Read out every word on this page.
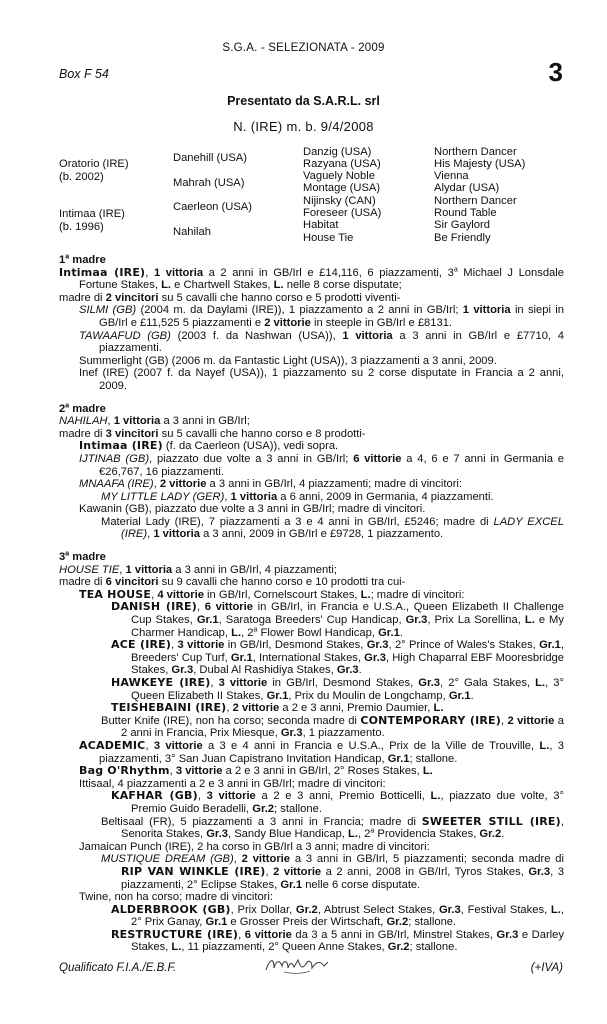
S.G.A. - SELEZIONATA - 2009
Box F 54	3
Presentato da S.A.R.L. srl
N. (IRE) m. b. 9/4/2008
Oratorio (IRE)
(b. 2002)
Intimaa (IRE)
(b. 1996)
Danehill (USA)
Mahrah (USA)
Caerleon (USA)
Nahilah
Danzig (USA)
Razyana (USA)
Vaguely Noble
Montage (USA)
Nijinsky (CAN)
Foreseer (USA)
Habitat
House Tie
Northern Dancer
His Majesty (USA)
Vienna
Alydar (USA)
Northern Dancer
Round Table
Sir Gaylord
Be Friendly

1$^a$ madre

Intimaa (IRE), 1 vittoria a 2 anni in GB/Irl e £14,116, 6 piazzamenti, 3$^a$ Michael J Lonsdale Fortune Stakes, L. e Chartwell Stakes, L. nelle 8 corse disputate;

madre di 2 vincitori su 5 cavalli che hanno corso e 5 prodotti viventi-

SILMI (GB) (2004 m. da Daylami (IRE)), 1 piazzamento a 2 anni in GB/Irl; 1 vittoria in siepi in GB/Irl e £11,525 5 piazzamenti e 2 vittorie in steeple in GB/Irl e £8131.

TAWAAFUD (GB) (2003 f. da Nashwan (USA)), 1 vittoria a 3 anni in GB/Irl e £7710, 4 piazzamenti.

Summerlight (GB) (2006 m. da Fantastic Light (USA)), 3 piazzamenti a 3 anni, 2009.

Inef (IRE) (2007 f. da Nayef (USA)), 1 piazzamento su 2 corse disputate in Francia a 2 anni, 2009.

2$^a$ madre

NAHILAH, 1 vittoria a 3 anni in GB/Irl;

madre di 3 vincitori su 5 cavalli che hanno corso e 8 prodotti-

Intimaa (IRE) (f. da Caerleon (USA)), vedi sopra.

IJTINAB (GB), piazzato due volte a 3 anni in GB/Irl; 6 vittorie a 4, 6 e 7 anni in Germania e €26,767, 16 piazzamenti.

MNAAFA (IRE), 2 vittorie a 3 anni in GB/Irl, 4 piazzamenti; madre di vincitori:

MY LITTLE LADY (GER), 1 vittoria a 6 anni, 2009 in Germania, 4 piazzamenti.

Kawanin (GB), piazzato due volte a 3 anni in GB/Irl; madre di vincitori.

Material Lady (IRE), 7 piazzamenti a 3 e 4 anni in GB/Irl, £5246; madre di LADY EXCEL (IRE), 1 vittoria a 3 anni, 2009 in GB/Irl e £9728, 1 piazzamento.

3$^a$ madre

HOUSE TIE, 1 vittoria a 3 anni in GB/Irl, 4 piazzamenti;

madre di 6 vincitori su 9 cavalli che hanno corso e 10 prodotti tra cui-

TEA HOUSE, 4 vittorie in GB/Irl, Cornelscourt Stakes, L.; madre di vincitori:

DANISH (IRE), 6 vittorie in GB/Irl, in Francia e U.S.A., Queen Elizabeth II Challenge Cup Stakes, Gr.1, Saratoga Breeders' Cup Handicap, Gr.3, Prix La Sorellina, L. e My Charmer Handicap, L., 2$^a$ Flower Bowl Handicap, Gr.1.

ACE (IRE), 3 vittorie in GB/Irl, Desmond Stakes, Gr.3, 2° Prince of Wales's Stakes, Gr.1, Breeders' Cup Turf, Gr.1, International Stakes, Gr.3, High Chaparral EBF Mooresbridge Stakes, Gr.3, Dubal Al Rashidiya Stakes, Gr.3.

HAWKEYE (IRE), 3 vittorie in GB/Irl, Desmond Stakes, Gr.3, 2° Gala Stakes, L., 3° Queen Elizabeth II Stakes, Gr.1, Prix du Moulin de Longchamp, Gr.1.

TEISHEBAINI (IRE), 2 vittorie a 2 e 3 anni, Premio Daumier, L.

Butter Knife (IRE), non ha corso; seconda madre di CONTEMPORARY (IRE), 2 vittorie a 2 anni in Francia, Prix Miesque, Gr.3, 1 piazzamento.

ACADEMIC, 3 vittorie a 3 e 4 anni in Francia e U.S.A., Prix de la Ville de Trouville, L., 3 piazzamenti, 3° San Juan Capistrano Invitation Handicap, Gr.1; stallone.

Bag O'Rhythm, 3 vittorie a 2 e 3 anni in GB/Irl, 2° Roses Stakes, L.

Ittisaal, 4 piazzamenti a 2 e 3 anni in GB/Irl; madre di vincitori:

KAFHAR (GB), 3 vittorie a 2 e 3 anni, Premio Botticelli, L., piazzato due volte, 3° Premio Guido Beradelli, Gr.2; stallone.

Beltisaal (FR), 5 piazzamenti a 3 anni in Francia; madre di SWEETER STILL (IRE), Senorita Stakes, Gr.3, Sandy Blue Handicap, L., 2$^a$ Providencia Stakes, Gr.2.

Jamaican Punch (IRE), 2 ha corso in GB/Irl a 3 anni; madre di vincitori:

MUSTIQUE DREAM (GB), 2 vittorie a 3 anni in GB/Irl, 5 piazzamenti; seconda madre di RIP VAN WINKLE (IRE), 2 vittorie a 2 anni, 2008 in GB/Irl, Tyros Stakes, Gr.3, 3 piazzamenti, 2° Eclipse Stakes, Gr.1 nelle 6 corse disputate.

Twine, non ha corso; madre di vincitori:

ALDERBROOK (GB), Prix Dollar, Gr.2, Abtrust Select Stakes, Gr.3, Festival Stakes, L., 2° Prix Ganay, Gr.1 e Grosser Preis der Wirtschaft, Gr.2; stallone.

RESTRUCTURE (IRE), 6 vittorie da 3 a 5 anni in GB/Irl, Minstrel Stakes, Gr.3 e Darley Stakes, L., 11 piazzamenti, 2° Queen Anne Stakes, Gr.2; stallone.

Qualificato F.I.A./E.B.F.	(+IVA)
